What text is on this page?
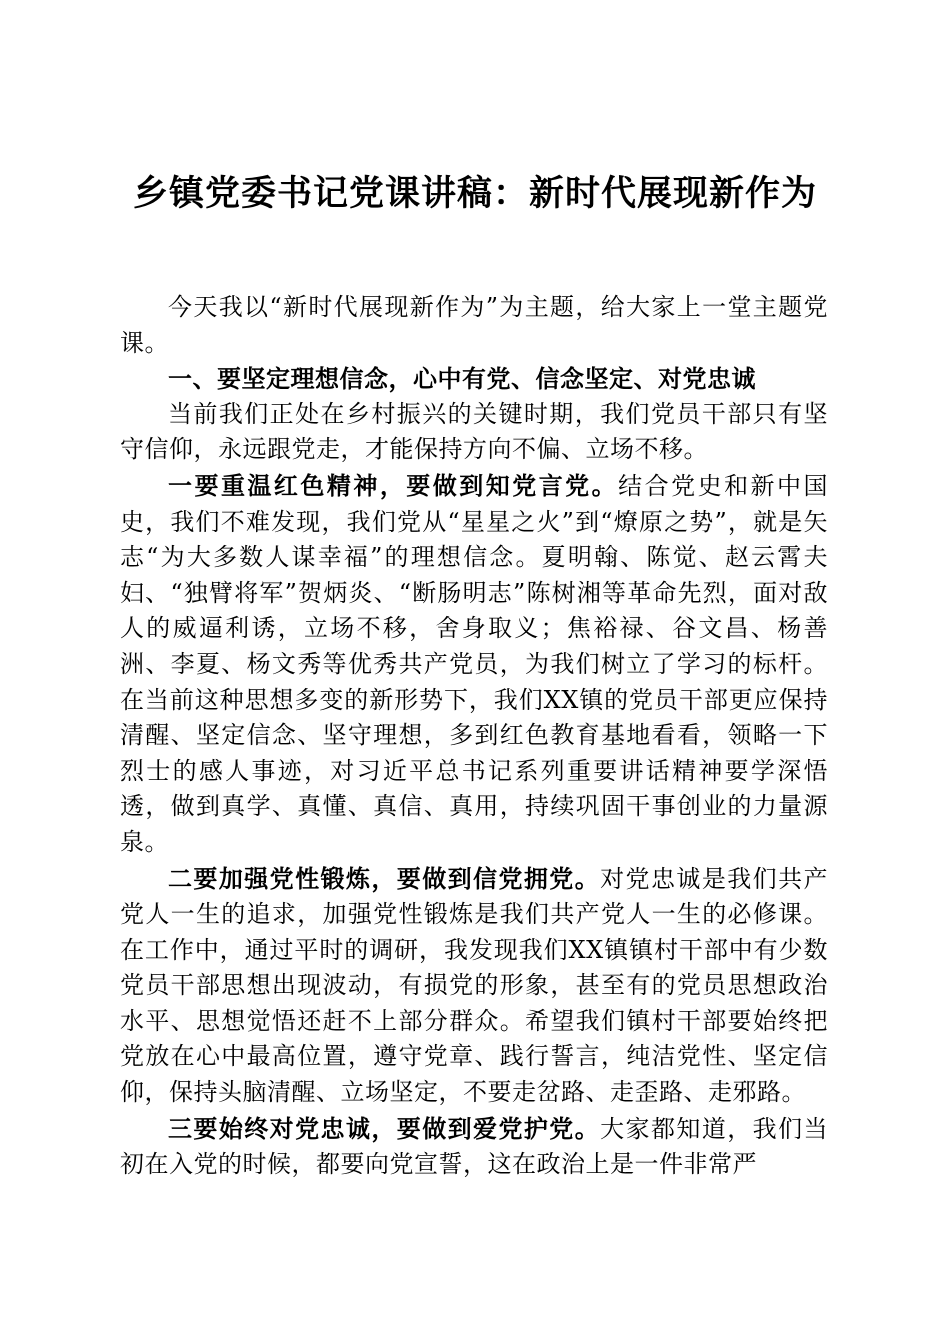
乡镇党委书记党课讲稿：新时代展现新作为

今天我以“新时代展现新作为”为主题，给大家上一堂主题党课。

一、要坚定理想信念，心中有党、信念坚定、对党忠诚

当前我们正处在乡村振兴的关键时期，我们党员干部只有坚守信仰，永远跟党走，才能保持方向不偏、立场不移。

一要重温红色精神，要做到知党言党。结合党史和新中国史，我们不难发现，我们党从“星星之火”到“燎原之势”，就是矢志“为大多数人谋幸福”的理想信念。夏明翰、陈觉、赵云霄夫妇、“独臂将军”贺炳炎、“断肠明志”陈树湘等革命先烈，面对敌人的威逼利诱，立场不移，舍身取义；焦裕禄、谷文昌、杨善洲、李夏、杨文秀等优秀共产党员，为我们树立了学习的标杆。在当前这种思想多变的新形势下，我们XX镇的党员干部更应保持清醒、坚定信念、坚守理想，多到红色教育基地看看，领略一下烈士的感人事迹，对习近平总书记系列重要讲话精神要学深悟透，做到真学、真懂、真信、真用，持续巩固干事创业的力量源泉。

二要加强党性锻炼，要做到信党拥党。对党忠诚是我们共产党人一生的追求，加强党性锻炼是我们共产党人一生的必修课。在工作中，通过平时的调研，我发现我们XX镇镇村干部中有少数党员干部思想出现波动，有损党的形象，甚至有的党员思想政治水平、思想觉悟还赶不上部分群众。希望我们镇村干部要始终把党放在心中最高位置，遵守党章、践行誓言，纯洁党性、坚定信仰，保持头脑清醒、立场坚定，不要走岔路、走歪路、走邪路。

三要始终对党忠诚，要做到爱党护党。大家都知道，我们当初在入党的时候，都要向党宣誓，这在政治上是一件非常严
